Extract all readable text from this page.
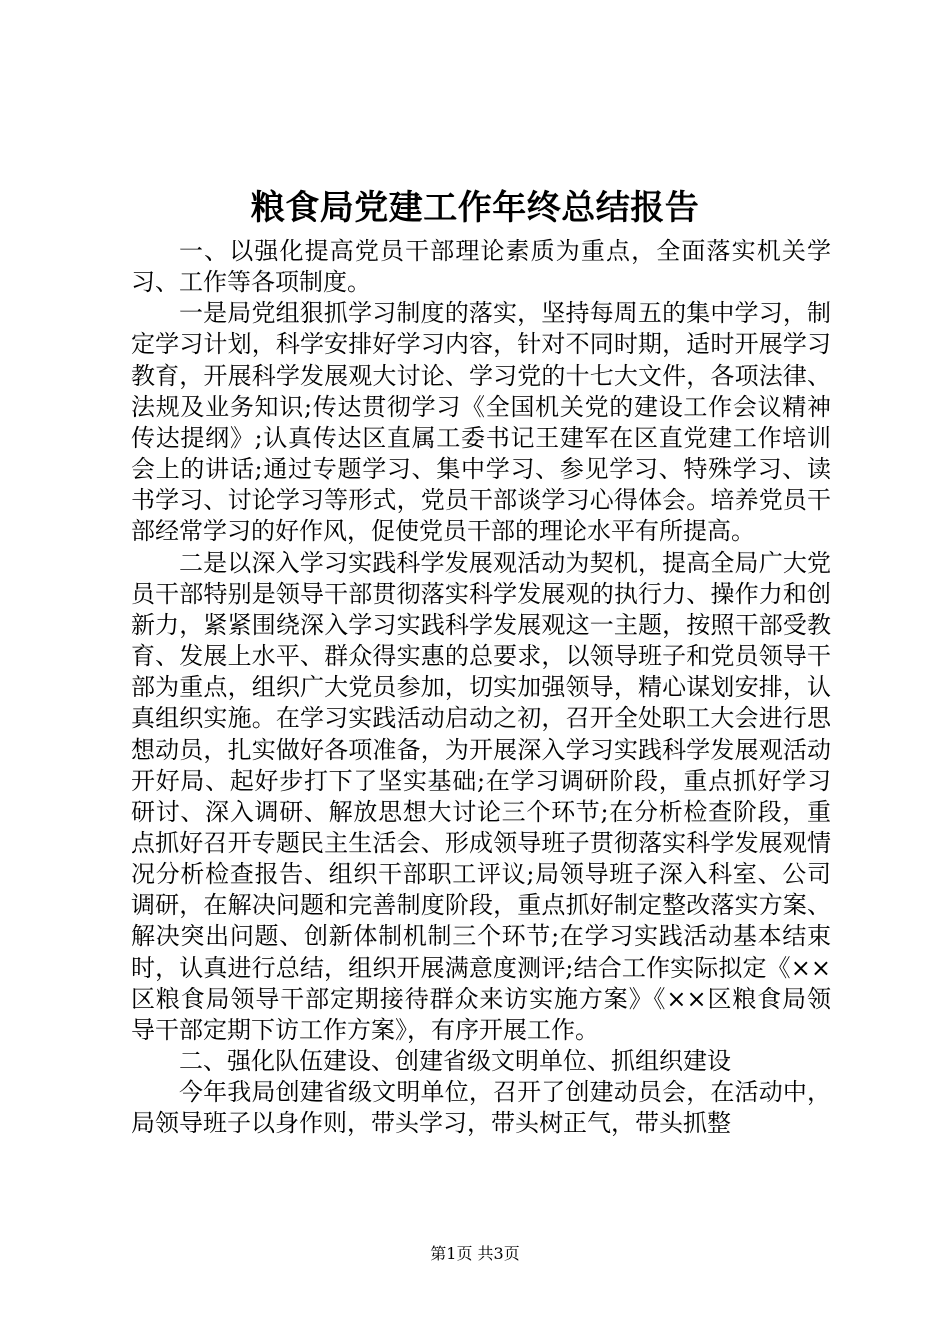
粮食局党建工作年终总结报告

一、以强化提高党员干部理论素质为重点，全面落实机关学习、工作等各项制度。

一是局党组狠抓学习制度的落实，坚持每周五的集中学习，制定学习计划，科学安排好学习内容，针对不同时期，适时开展学习教育，开展科学发展观大讨论、学习党的十七大文件，各项法律、法规及业务知识;传达贯彻学习《全国机关党的建设工作会议精神传达提纲》;认真传达区直属工委书记王建军在区直党建工作培训会上的讲话;通过专题学习、集中学习、参见学习、特殊学习、读书学习、讨论学习等形式，党员干部谈学习心得体会。培养党员干部经常学习的好作风，促使党员干部的理论水平有所提高。

二是以深入学习实践科学发展观活动为契机，提高全局广大党员干部特别是领导干部贯彻落实科学发展观的执行力、操作力和创新力，紧紧围绕深入学习实践科学发展观这一主题，按照干部受教育、发展上水平、群众得实惠的总要求，以领导班子和党员领导干部为重点，组织广大党员参加，切实加强领导，精心谋划安排，认真组织实施。在学习实践活动启动之初，召开全处职工大会进行思想动员，扎实做好各项准备，为开展深入学习实践科学发展观活动开好局、起好步打下了坚实基础;在学习调研阶段，重点抓好学习研讨、深入调研、解放思想大讨论三个环节;在分析检查阶段，重点抓好召开专题民主生活会、形成领导班子贯彻落实科学发展观情况分析检查报告、组织干部职工评议;局领导班子深入科室、公司调研，在解决问题和完善制度阶段，重点抓好制定整改落实方案、解决突出问题、创新体制机制三个环节;在学习实践活动基本结束时，认真进行总结，组织开展满意度测评;结合工作实际拟定《××区粮食局领导干部定期接待群众来访实施方案》《××区粮食局领导干部定期下访工作方案》，有序开展工作。

二、强化队伍建设、创建省级文明单位、抓组织建设

今年我局创建省级文明单位，召开了创建动员会，在活动中，局领导班子以身作则，带头学习，带头树正气，带头抓整

第1页 共3页
